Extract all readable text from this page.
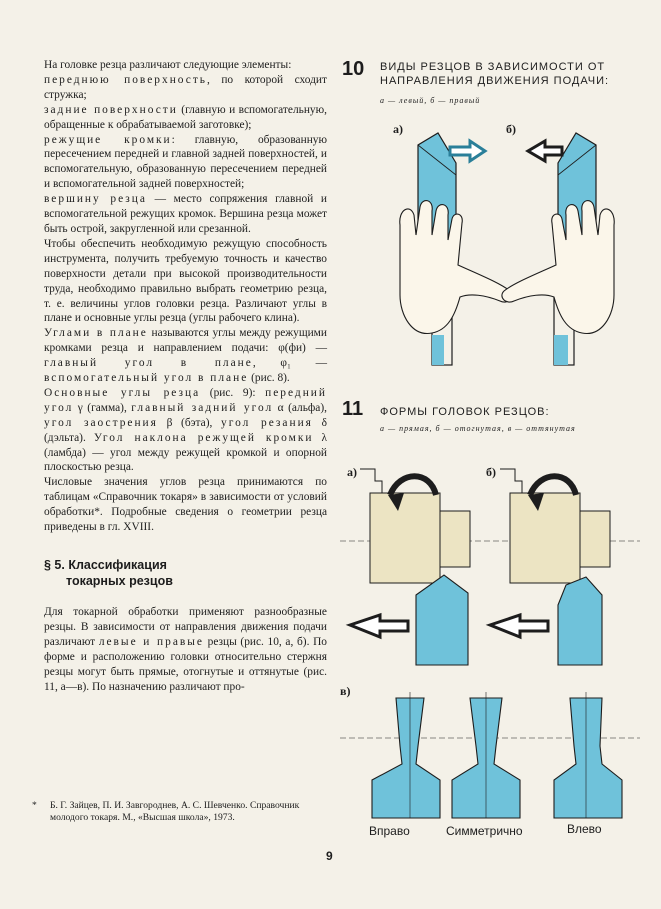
На головке резца различают следующие элементы:
переднюю поверхность, по которой сходит стружка;
задние поверхности (главную и вспомогательную, обращенные к обрабатываемой заготовке);
режущие кромки: главную, образованную пересечением передней и главной задней поверхностей, и вспомогательную, образованную пересечением передней и вспомогательной задней поверхностей;
вершину резца — место сопряжения главной и вспомогательной режущих кромок. Вершина резца может быть острой, закругленной или срезанной.

Чтобы обеспечить необходимую режущую способность инструмента, получить требуемую точность и качество поверхности детали при высокой производительности труда, необходимо правильно выбрать геометрию резца, т. е. величины углов головки резца. Различают углы в плане и основные углы резца (углы рабочего клина).

Углами в плане называются углы между режущими кромками резца и направлением подачи: φ(фи) — главный угол в плане, φ₁ — вспомогательный угол в плане (рис. 8).

Основные углы резца (рис. 9): передний угол γ (гамма), главный задний угол α (альфа), угол заострения β (бэта), угол резания δ (дэльта). Угол наклона режущей кромки λ (ламбда) — угол между режущей кромкой и опорной плоскостью резца.

Числовые значения углов резца принимаются по таблицам «Справочник токаря» в зависимости от условий обработки*. Подробные сведения о геометрии резца приведены в гл. XVIII.

§ 5. Классификация
токарных резцов

Для токарной обработки применяют разнообразные резцы. В зависимости от направления движения подачи различают левые и правые резцы (рис. 10, а, б). По форме и расположению головки относительно стержня резцы могут быть прямые, отогнутые и оттянутые (рис. 11, а—в). По назначению различают про-

*	Б. Г. Зайцев, П. И. Завгороднев, А. С. Шевченко. Справочник молодого токаря. М., «Высшая школа», 1973.

10 ВИДЫ РЕЗЦОВ В ЗАВИСИМОСТИ ОТ НАПРАВЛЕНИЯ ДВИЖЕНИЯ ПОДАЧИ:
а — левый, б — правый
а)	б)
11 ФОРМЫ ГОЛОВОК РЕЗЦОВ:
а — прямая, б — отогнутая, в — оттянутая
а)	б)
в)
Вправо	Симметрично	Влево
9
